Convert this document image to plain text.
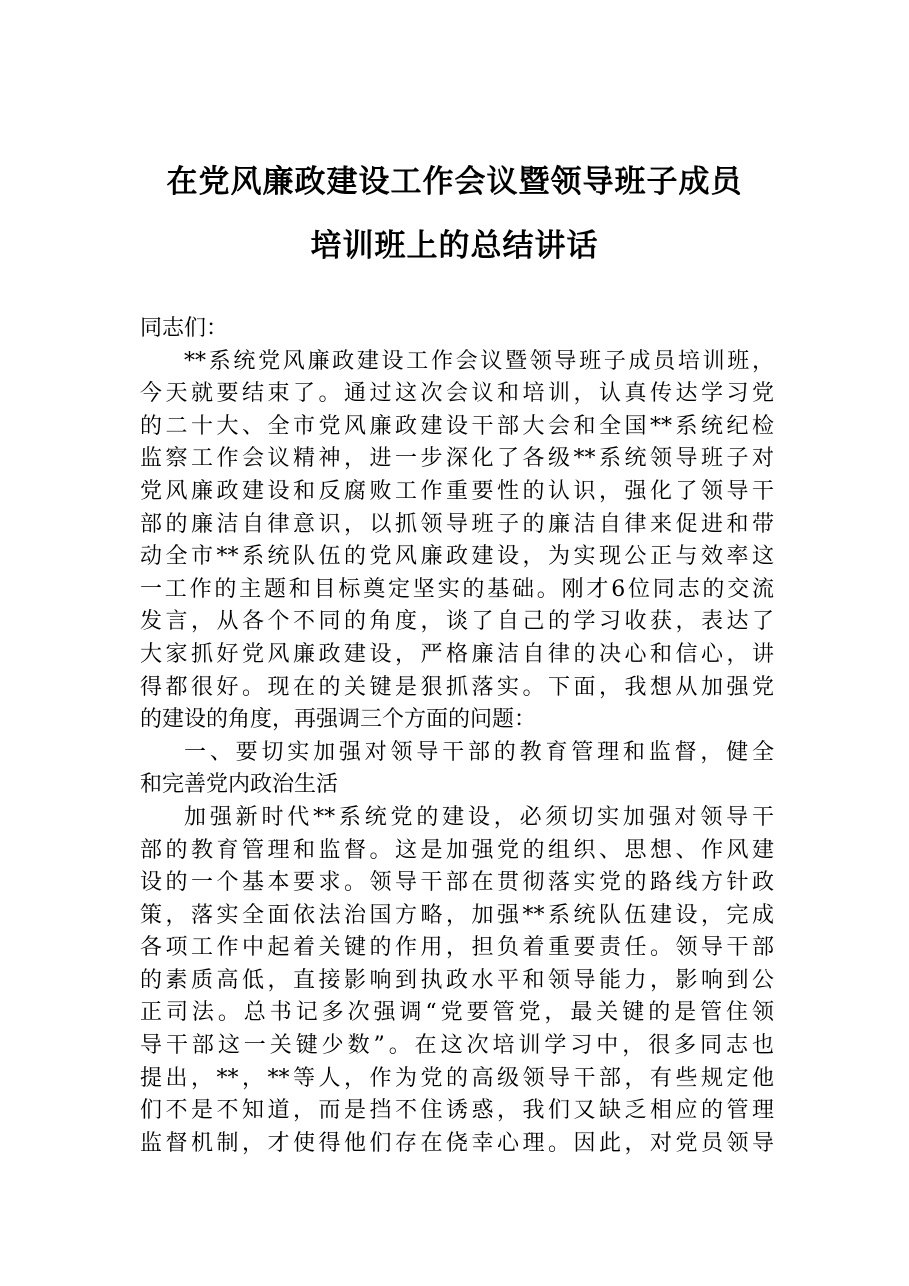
在党风廉政建设工作会议暨领导班子成员
培训班上的总结讲话
同志们：
**系统党风廉政建设工作会议暨领导班子成员培训班，
今天就要结束了。通过这次会议和培训，认真传达学习党
的二十大、全市党风廉政建设干部大会和全国**系统纪检
监察工作会议精神，进一步深化了各级**系统领导班子对
党风廉政建设和反腐败工作重要性的认识，强化了领导干
部的廉洁自律意识，以抓领导班子的廉洁自律来促进和带
动全市**系统队伍的党风廉政建设，为实现公正与效率这
一工作的主题和目标奠定坚实的基础。刚才6位同志的交流
发言，从各个不同的角度，谈了自己的学习收获，表达了
大家抓好党风廉政建设，严格廉洁自律的决心和信心，讲
得都很好。现在的关键是狠抓落实。下面，我想从加强党
的建设的角度，再强调三个方面的问题：
一、要切实加强对领导干部的教育管理和监督，健全
和完善党内政治生活
加强新时代**系统党的建设，必须切实加强对领导干
部的教育管理和监督。这是加强党的组织、思想、作风建
设的一个基本要求。领导干部在贯彻落实党的路线方针政
策，落实全面依法治国方略，加强**系统队伍建设，完成
各项工作中起着关键的作用，担负着重要责任。领导干部
的素质高低，直接影响到执政水平和领导能力，影响到公
正司法。总书记多次强调“党要管党，最关键的是管住领
导干部这一关键少数”。在这次培训学习中，很多同志也
提出，**，**等人，作为党的高级领导干部，有些规定他
们不是不知道，而是挡不住诱惑，我们又缺乏相应的管理
监督机制，才使得他们存在侥幸心理。因此，对党员领导
